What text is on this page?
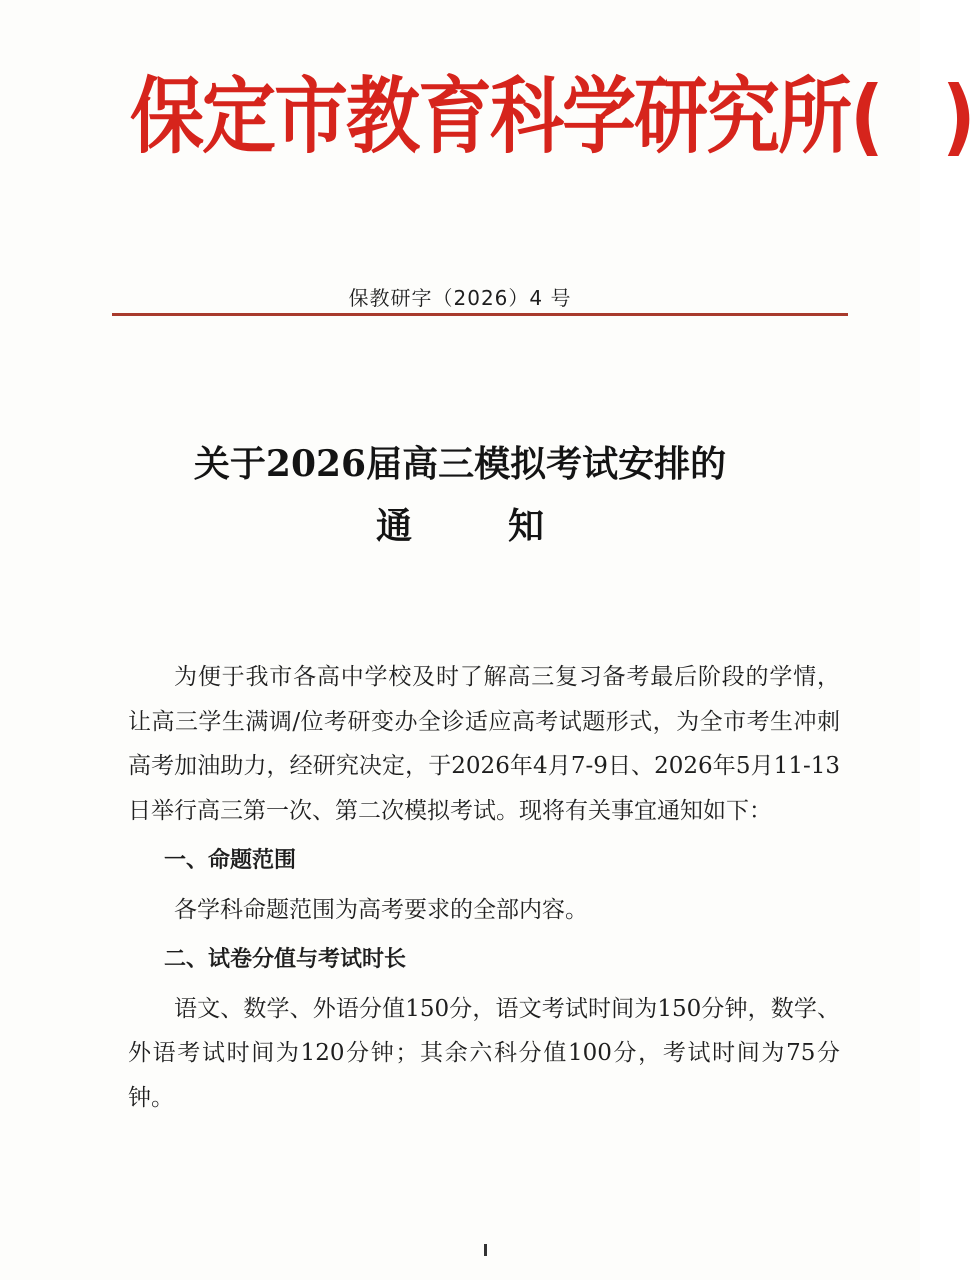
保定市教育科学研究所( )
保教研字（2026）4 号
关于2026届高三模拟考试安排的
通	知

为便于我市各高中学校及时了解高三复习备考最后阶段的学情，让高三学生满调/位考研变办全诊适应高考试题形式，为全市考生冲刺高考加油助力，经研究决定，于2026年4月7-9日、2026年5月11-13日举行高三第一次、第二次模拟考试。现将有关事宜通知如下：

一、命题范围

各学科命题范围为高考要求的全部内容。

二、试卷分值与考试时长

语文、数学、外语分值150分，语文考试时间为150分钟，数学、外语考试时间为120分钟；其余六科分值100分，考试时间为75分钟。
